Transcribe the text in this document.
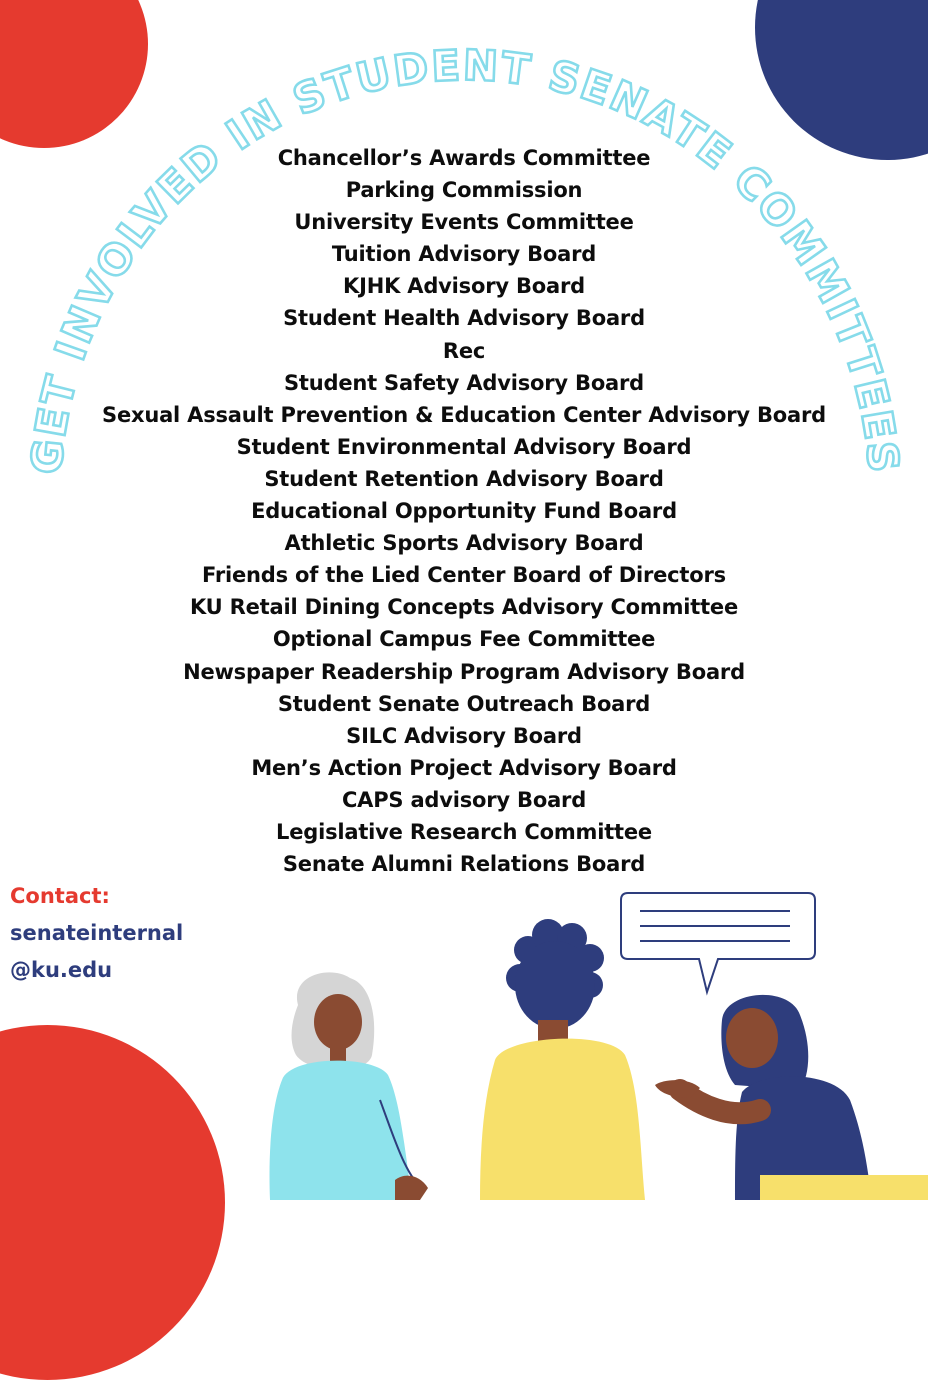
GET INVOLVED IN STUDENT SENATE COMMITTEES
Chancellor’s Awards Committee
Parking Commission
University Events Committee
Tuition Advisory Board
KJHK Advisory Board
Student Health Advisory Board
Rec
Student Safety Advisory Board
Sexual Assault Prevention & Education Center Advisory Board
Student Environmental Advisory Board
Student Retention Advisory Board
Educational Opportunity Fund Board
Athletic Sports Advisory Board
Friends of the Lied Center Board of Directors
KU Retail Dining Concepts Advisory Committee
Optional Campus Fee Committee
Newspaper Readership Program Advisory Board
Student Senate Outreach Board
SILC Advisory Board
Men’s Action Project Advisory Board
CAPS advisory Board
Legislative Research Committee
Senate Alumni Relations Board
Contact:
senateinternal
@ku.edu
